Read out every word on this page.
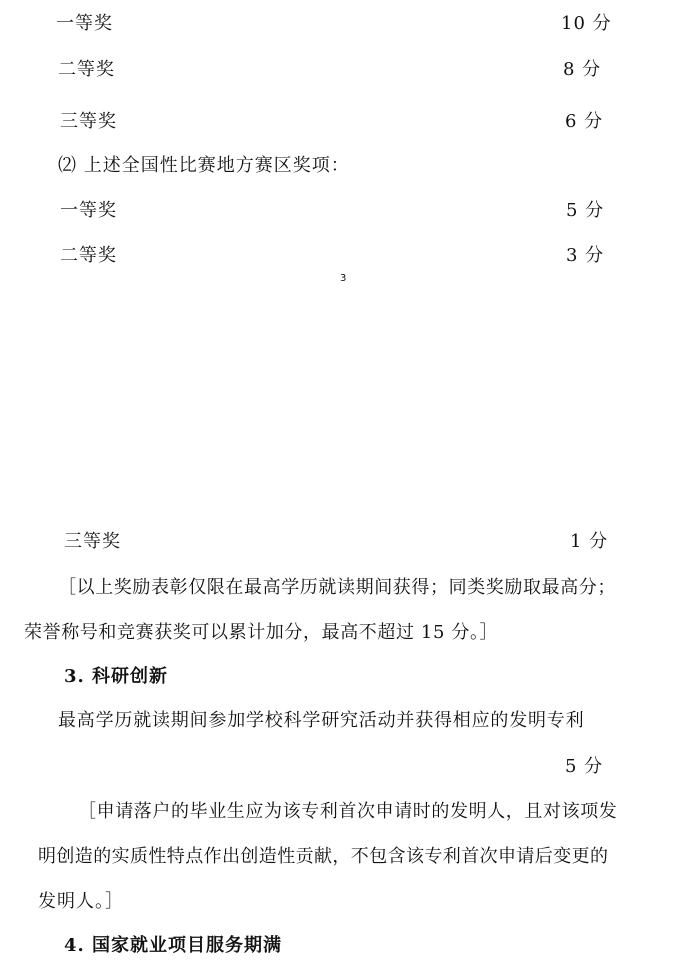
一等奖	10 分
二等奖	8 分
三等奖	6 分
⑵ 上述全国性比赛地方赛区奖项：
一等奖	5 分
二等奖	3 分
3
三等奖	1 分
［以上奖励表彰仅限在最高学历就读期间获得；同类奖励取最高分；
荣誉称号和竞赛获奖可以累计加分，最高不超过 15 分。］
3. 科研创新
最高学历就读期间参加学校科学研究活动并获得相应的发明专利
5 分
［申请落户的毕业生应为该专利首次申请时的发明人，且对该项发
明创造的实质性特点作出创造性贡献，不包含该专利首次申请后变更的
发明人。］
4. 国家就业项目服务期满
